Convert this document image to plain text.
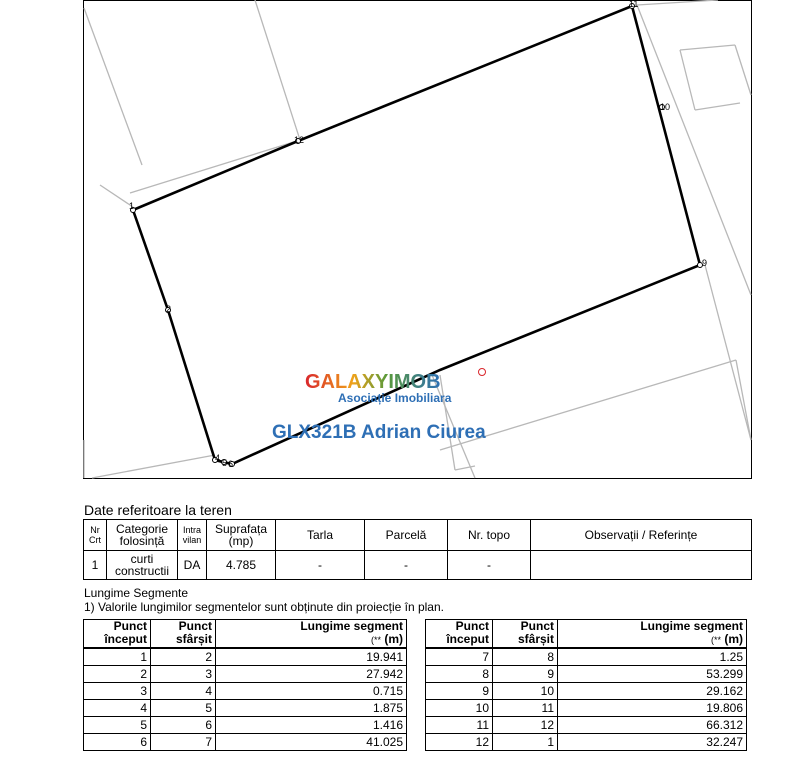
1
2
4 5 6
9
10
11
12
GALAXYIMOB
Asociație Imobiliara
GLX321B Adrian Ciurea
Date referitoare la teren
Nr Crt	Categorie folosință	Intra vilan	Suprafața (mp)	Tarla	Parcelă	Nr. topo	Observații / Referințe
1	curti constructii	DA	4.785	-	-	-	
Lungime Segmente
1) Valorile lungimilor segmentelor sunt obținute din proiecție în plan.
Punct început	Punct sfârșit	Lungime segment
(** (m)
1	2	19.941
2	3	27.942
3	4	0.715
4	5	1.875
5	6	1.416
6	7	41.025
Punct început	Punct sfârșit	Lungime segment
(** (m)
7	8	1.25
8	9	53.299
9	10	29.162
10	11	19.806
11	12	66.312
12	1	32.247
